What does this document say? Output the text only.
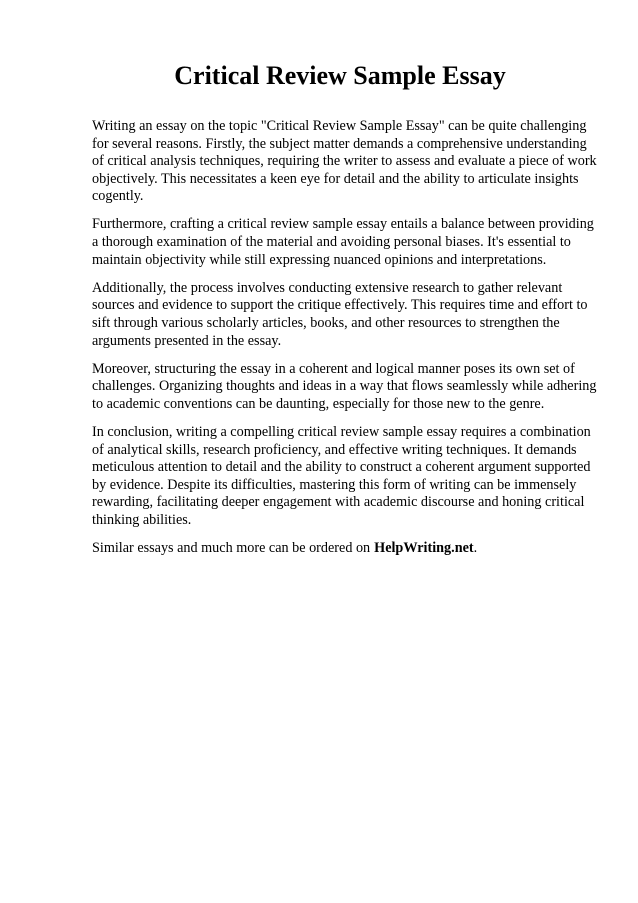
Critical Review Sample Essay

Writing an essay on the topic "Critical Review Sample Essay" can be quite challenging for several reasons. Firstly, the subject matter demands a comprehensive understanding of critical analysis techniques, requiring the writer to assess and evaluate a piece of work objectively. This necessitates a keen eye for detail and the ability to articulate insights cogently.

Furthermore, crafting a critical review sample essay entails a balance between providing a thorough examination of the material and avoiding personal biases. It's essential to maintain objectivity while still expressing nuanced opinions and interpretations.

Additionally, the process involves conducting extensive research to gather relevant sources and evidence to support the critique effectively. This requires time and effort to sift through various scholarly articles, books, and other resources to strengthen the arguments presented in the essay.

Moreover, structuring the essay in a coherent and logical manner poses its own set of challenges. Organizing thoughts and ideas in a way that flows seamlessly while adhering to academic conventions can be daunting, especially for those new to the genre.

In conclusion, writing a compelling critical review sample essay requires a combination of analytical skills, research proficiency, and effective writing techniques. It demands meticulous attention to detail and the ability to construct a coherent argument supported by evidence. Despite its difficulties, mastering this form of writing can be immensely rewarding, facilitating deeper engagement with academic discourse and honing critical thinking abilities.

Similar essays and much more can be ordered on HelpWriting.net.
